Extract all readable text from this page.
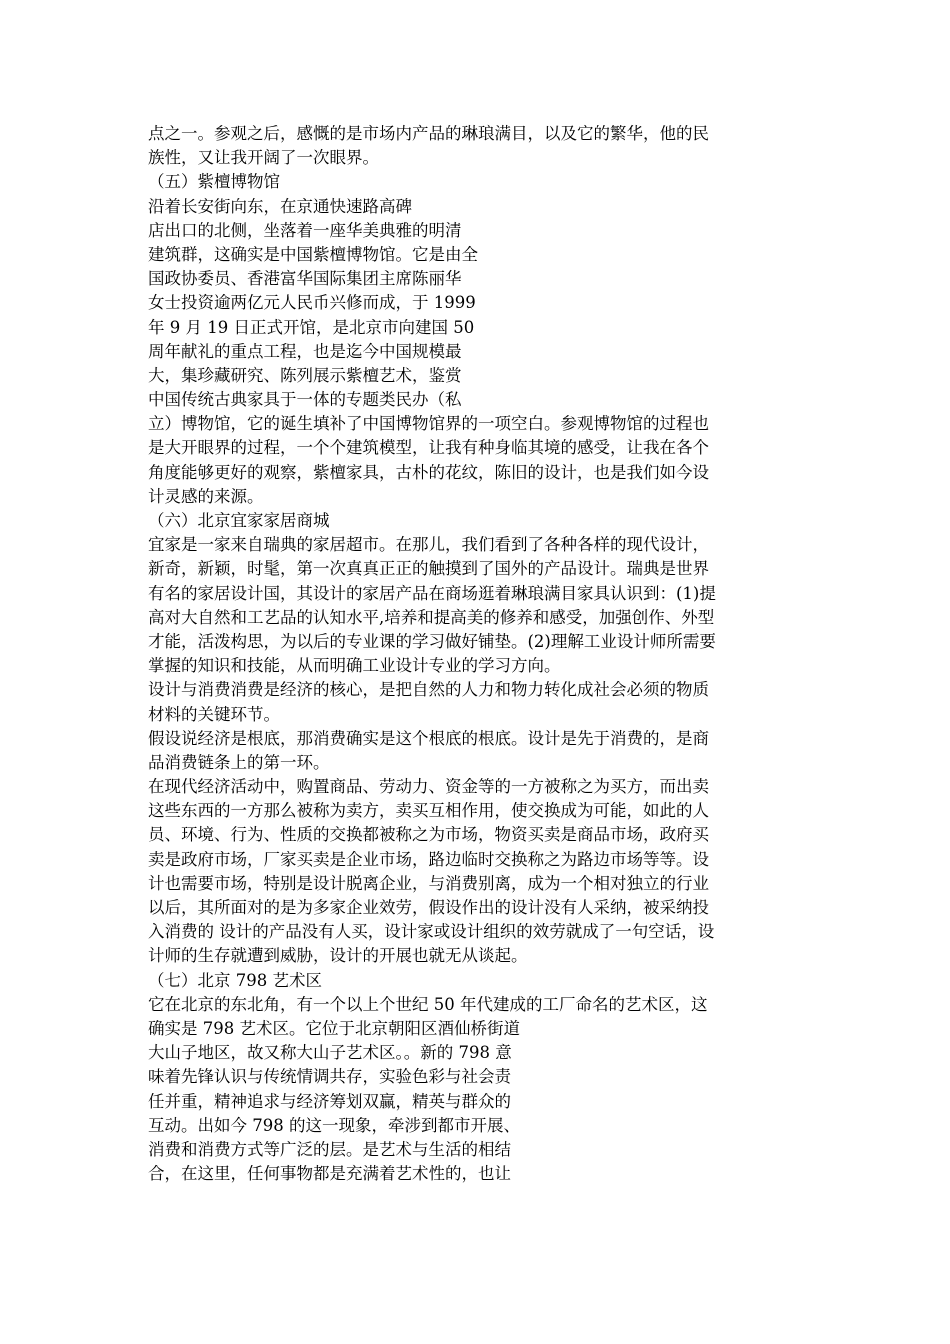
点之一。参观之后，感慨的是市场内产品的琳琅满目，以及它的繁华，他的民
族性，又让我开阔了一次眼界。
（五）紫檀博物馆
沿着长安街向东，在京通快速路高碑
店出口的北侧，坐落着一座华美典雅的明清
建筑群，这确实是中国紫檀博物馆。它是由全
国政协委员、香港富华国际集团主席陈丽华
女士投资逾两亿元人民币兴修而成，于 1999
年 9 月 19 日正式开馆，是北京市向建国 50
周年献礼的重点工程，也是迄今中国规模最
大，集珍藏研究、陈列展示紫檀艺术，鉴赏
中国传统古典家具于一体的专题类民办（私
立）博物馆，它的诞生填补了中国博物馆界的一项空白。参观博物馆的过程也
是大开眼界的过程，一个个建筑模型，让我有种身临其境的感受，让我在各个
角度能够更好的观察，紫檀家具，古朴的花纹，陈旧的设计，也是我们如今设
计灵感的来源。
（六）北京宜家家居商城
宜家是一家来自瑞典的家居超市。在那儿，我们看到了各种各样的现代设计，
新奇，新颖，时髦，第一次真真正正的触摸到了国外的产品设计。瑞典是世界
有名的家居设计国，其设计的家居产品在商场逛着琳琅满目家具认识到：(1)提
高对大自然和工艺品的认知水平,培养和提高美的修养和感受，加强创作、外型
才能，活泼构思，为以后的专业课的学习做好铺垫。(2)理解工业设计师所需要
掌握的知识和技能，从而明确工业设计专业的学习方向。
设计与消费消费是经济的核心，是把自然的人力和物力转化成社会必须的物质
材料的关键环节。
假设说经济是根底，那消费确实是这个根底的根底。设计是先于消费的，是商
品消费链条上的第一环。
在现代经济活动中，购置商品、劳动力、资金等的一方被称之为买方，而出卖
这些东西的一方那么被称为卖方，卖买互相作用，使交换成为可能，如此的人
员、环境、行为、性质的交换都被称之为市场，物资买卖是商品市场，政府买
卖是政府市场，厂家买卖是企业市场，路边临时交换称之为路边市场等等。设
计也需要市场，特别是设计脱离企业，与消费别离，成为一个相对独立的行业
以后，其所面对的是为多家企业效劳，假设作出的设计没有人采纳，被采纳投
入消费的 设计的产品没有人买，设计家或设计组织的效劳就成了一句空话，设
计师的生存就遭到威胁，设计的开展也就无从谈起。
（七）北京 798 艺术区
它在北京的东北角，有一个以上个世纪 50 年代建成的工厂命名的艺术区，这
确实是 798 艺术区。它位于北京朝阳区酒仙桥街道
大山子地区，故又称大山子艺术区。。新的 798 意
味着先锋认识与传统情调共存，实验色彩与社会责
任并重，精神追求与经济筹划双赢，精英与群众的
互动。出如今 798 的这一现象，牵涉到都市开展、
消费和消费方式等广泛的层。是艺术与生活的相结
合，在这里，任何事物都是充满着艺术性的，也让
